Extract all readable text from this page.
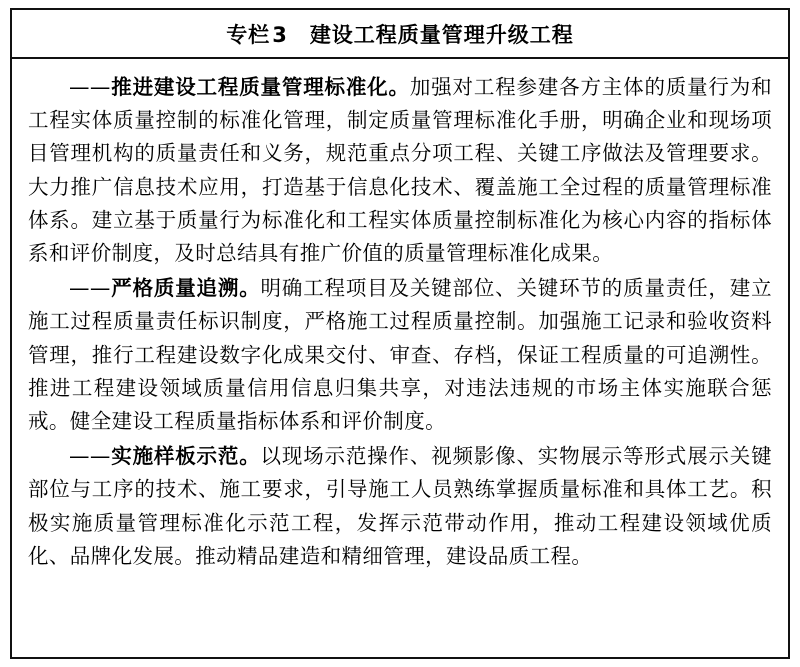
专栏3 建设工程质量管理升级工程

——推进建设工程质量管理标准化。加强对工程参建各方主体的质量行为和工程实体质量控制的标准化管理，制定质量管理标准化手册，明确企业和现场项目管理机构的质量责任和义务，规范重点分项工程、关键工序做法及管理要求。大力推广信息技术应用，打造基于信息化技术、覆盖施工全过程的质量管理标准体系。建立基于质量行为标准化和工程实体质量控制标准化为核心内容的指标体系和评价制度，及时总结具有推广价值的质量管理标准化成果。

——严格质量追溯。明确工程项目及关键部位、关键环节的质量责任，建立施工过程质量责任标识制度，严格施工过程质量控制。加强施工记录和验收资料管理，推行工程建设数字化成果交付、审查、存档，保证工程质量的可追溯性。推进工程建设领域质量信用信息归集共享，对违法违规的市场主体实施联合惩戒。健全建设工程质量指标体系和评价制度。

——实施样板示范。以现场示范操作、视频影像、实物展示等形式展示关键部位与工序的技术、施工要求，引导施工人员熟练掌握质量标准和具体工艺。积极实施质量管理标准化示范工程，发挥示范带动作用，推动工程建设领域优质化、品牌化发展。推动精品建造和精细管理，建设品质工程。
